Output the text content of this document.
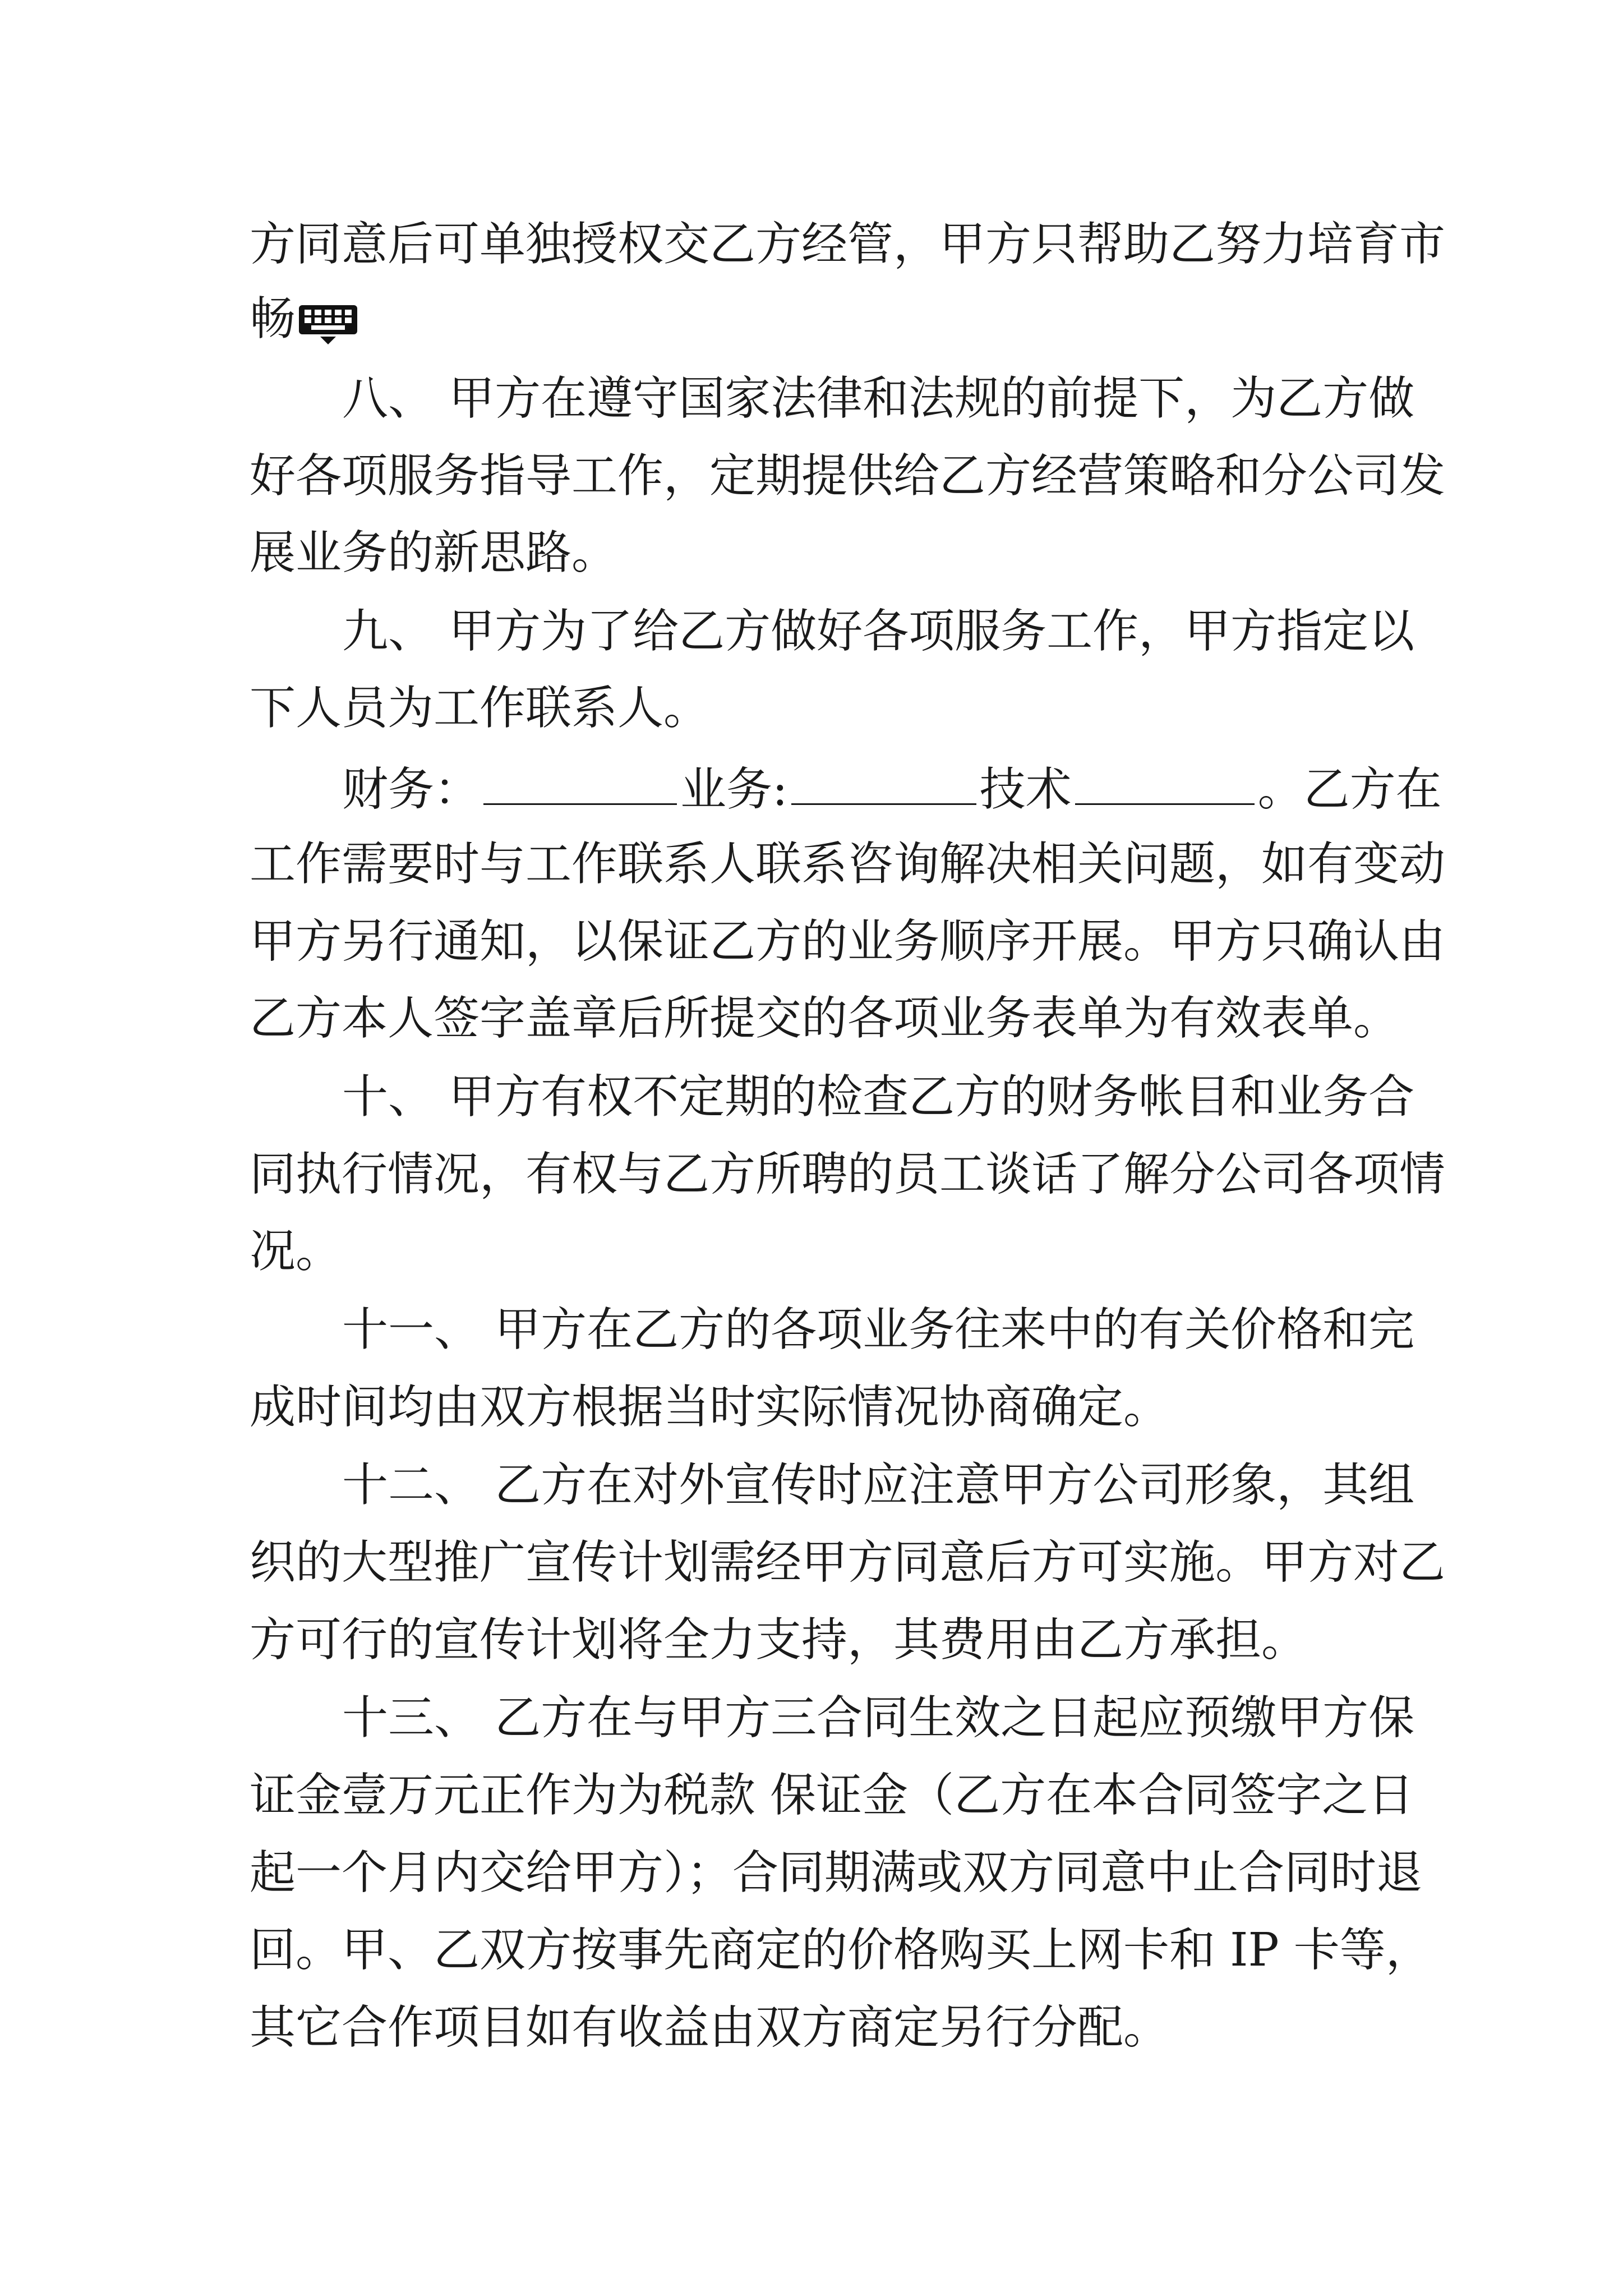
方同意后可单独授权交乙方经管，甲方只帮助乙努力培育市
畅
八、 甲方在遵守国家法律和法规的前提下，为乙方做
好各项服务指导工作，定期提供给乙方经营策略和分公司发
展业务的新思路。
九、 甲方为了给乙方做好各项服务工作，甲方指定以
下人员为工作联系人。
财务：	业务:	技术	。乙方在
工作需要时与工作联系人联系咨询解决相关问题，如有变动
甲方另行通知，以保证乙方的业务顺序开展。甲方只确认由
乙方本人签字盖章后所提交的各项业务表单为有效表单。
十、 甲方有权不定期的检查乙方的财务帐目和业务合
同执行情况，有权与乙方所聘的员工谈话了解分公司各项情
况。
十一、 甲方在乙方的各项业务往来中的有关价格和完
成时间均由双方根据当时实际情况协商确定。
十二、 乙方在对外宣传时应注意甲方公司形象，其组
织的大型推广宣传计划需经甲方同意后方可实施。甲方对乙
方可行的宣传计划将全力支持，其费用由乙方承担。
十三、 乙方在与甲方三合同生效之日起应预缴甲方保
证金壹万元正作为为税款 保证金（乙方在本合同签字之日
起一个月内交给甲方）；合同期满或双方同意中止合同时退
回。甲、乙双方按事先商定的价格购买上网卡和 IP 卡等，
其它合作项目如有收益由双方商定另行分配。
